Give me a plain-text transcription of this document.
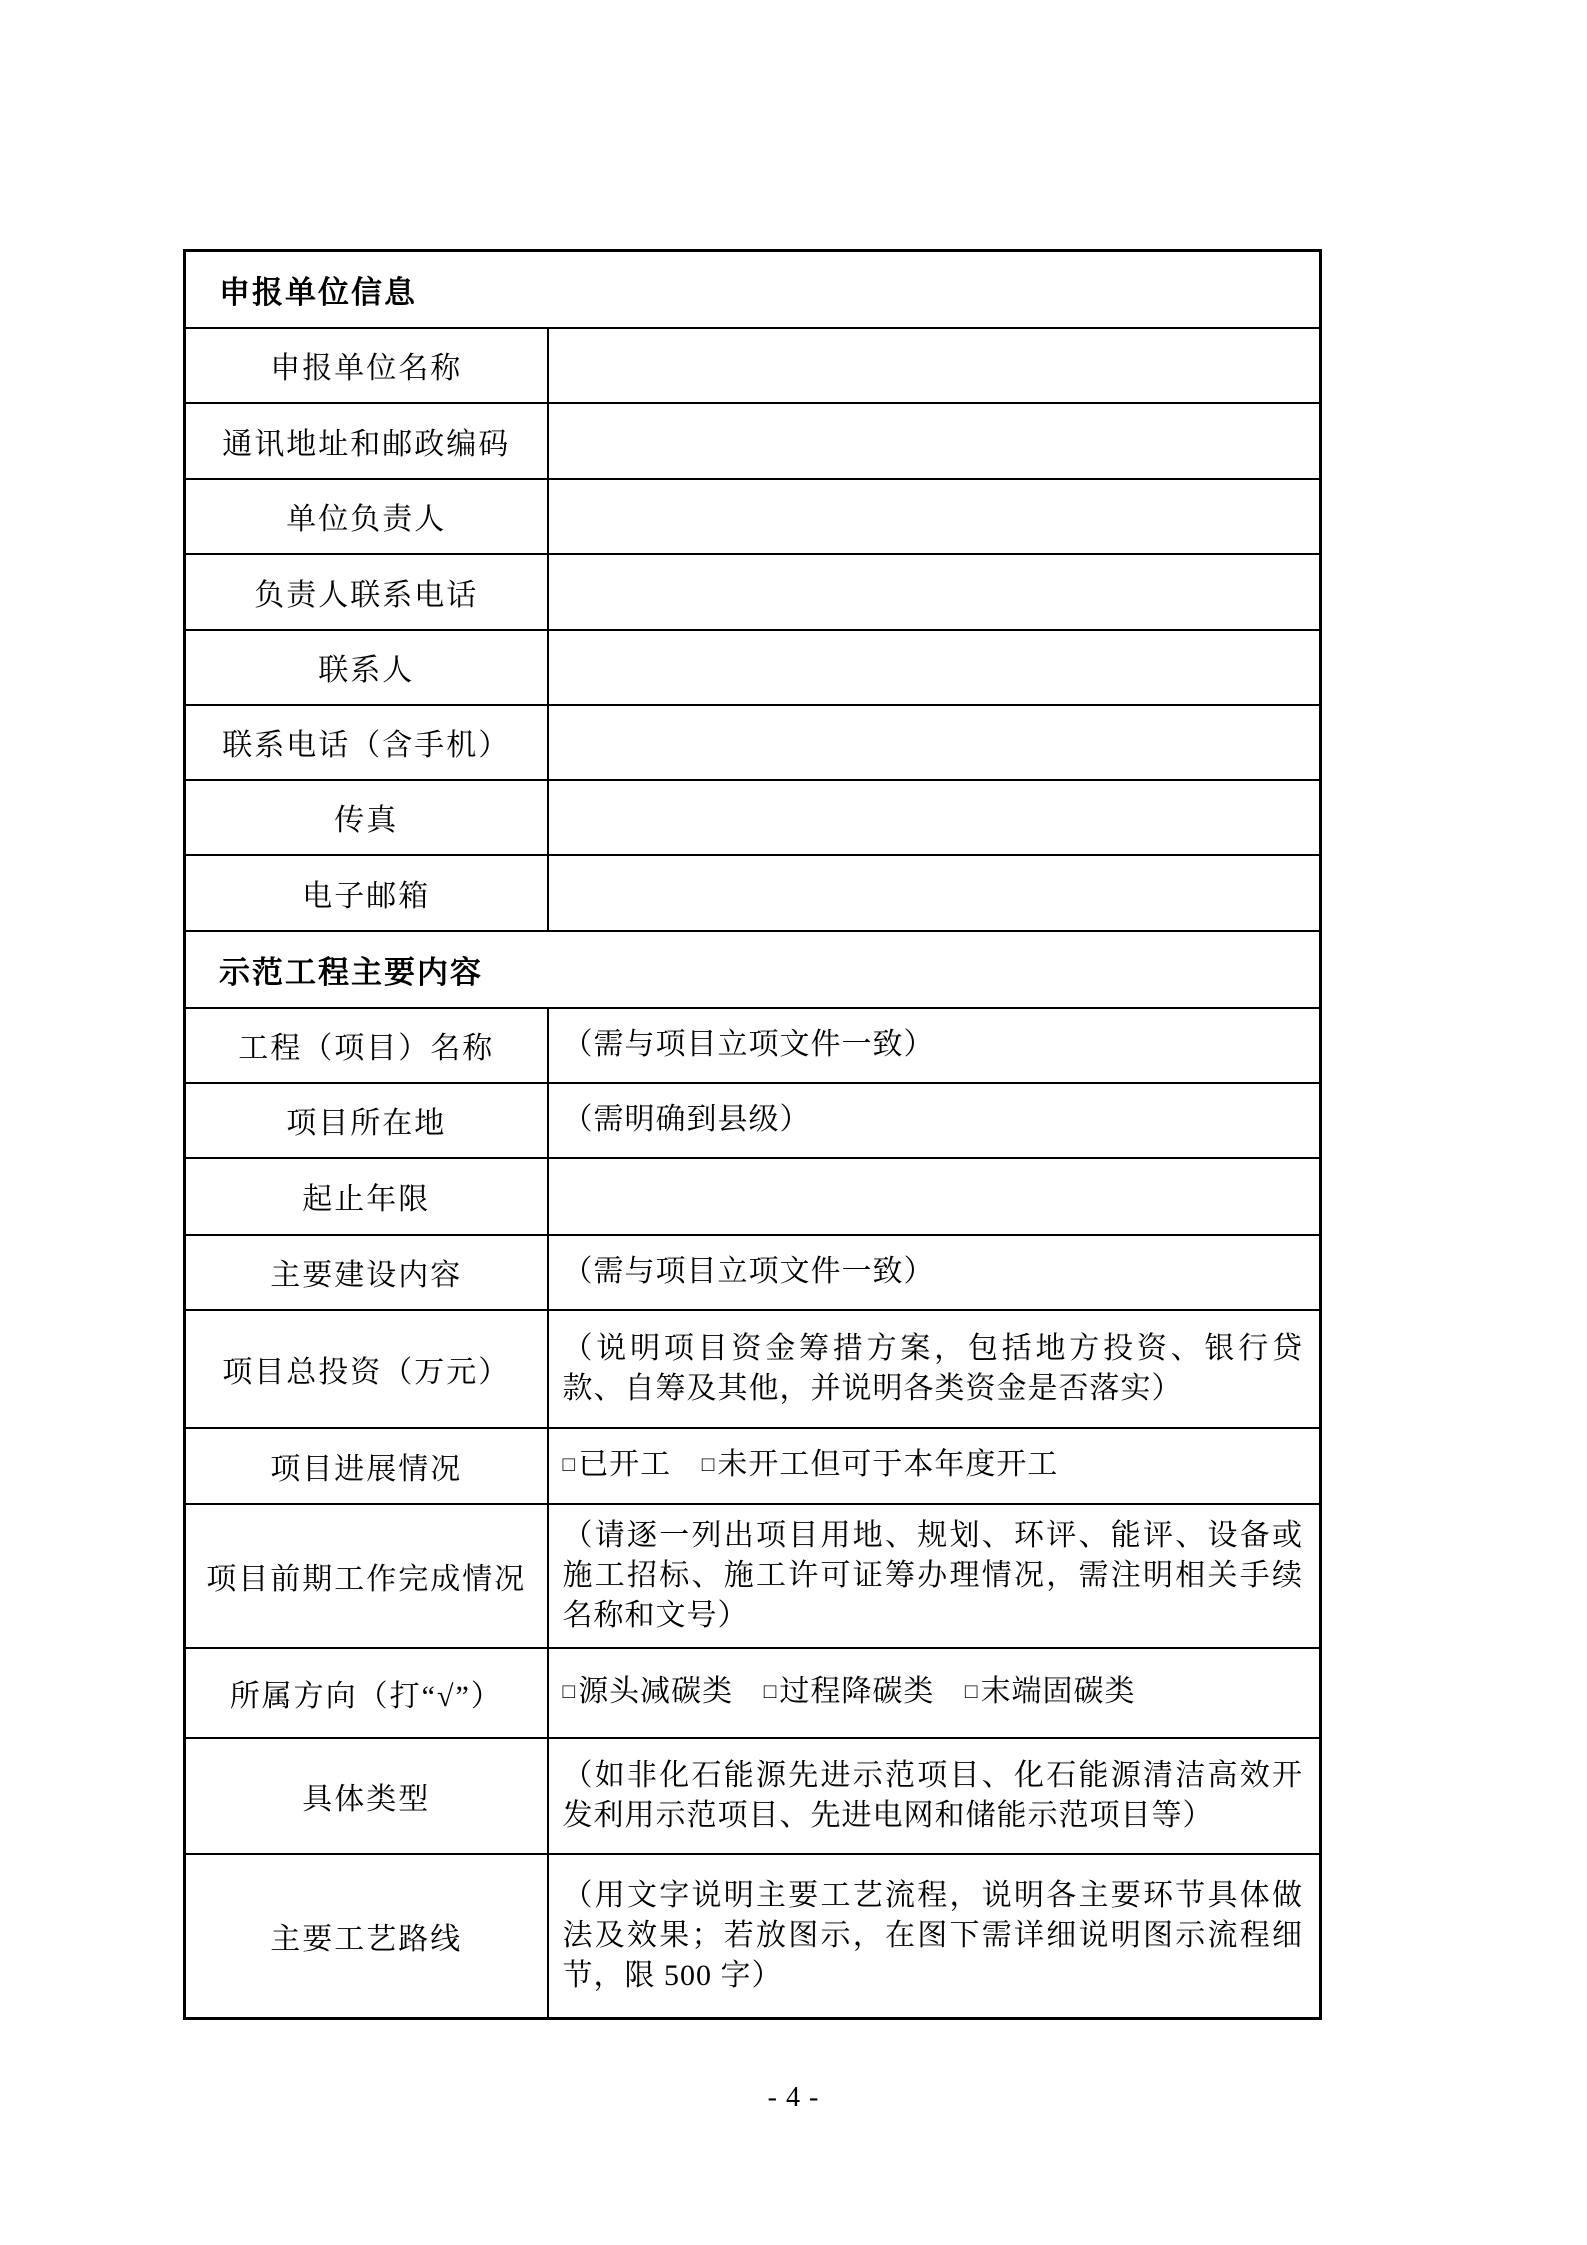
申报单位信息	
申报单位名称	
通讯地址和邮政编码	
单位负责人	
负责人联系电话	
联系人	
联系电话（含手机）	
传真	
电子邮箱	
示范工程主要内容	
工程（项目）名称	（需与项目立项文件一致）
项目所在地	（需明确到县级）
起止年限	
主要建设内容	（需与项目立项文件一致）
项目总投资（万元）	（说明项目资金筹措方案，包括地方投资、银行贷款、自筹及其他，并说明各类资金是否落实）
项目进展情况	□已开工 □未开工但可于本年度开工
项目前期工作完成情况	（请逐一列出项目用地、规划、环评、能评、设备或施工招标、施工许可证筹办理情况，需注明相关手续名称和文号）
所属方向（打“√”）	□源头减碳类 □过程降碳类 □末端固碳类
具体类型	（如非化石能源先进示范项目、化石能源清洁高效开发利用示范项目、先进电网和储能示范项目等）
主要工艺路线	（用文字说明主要工艺流程，说明各主要环节具体做法及效果；若放图示，在图下需详细说明图示流程细节，限 500 字）
- 4 -
